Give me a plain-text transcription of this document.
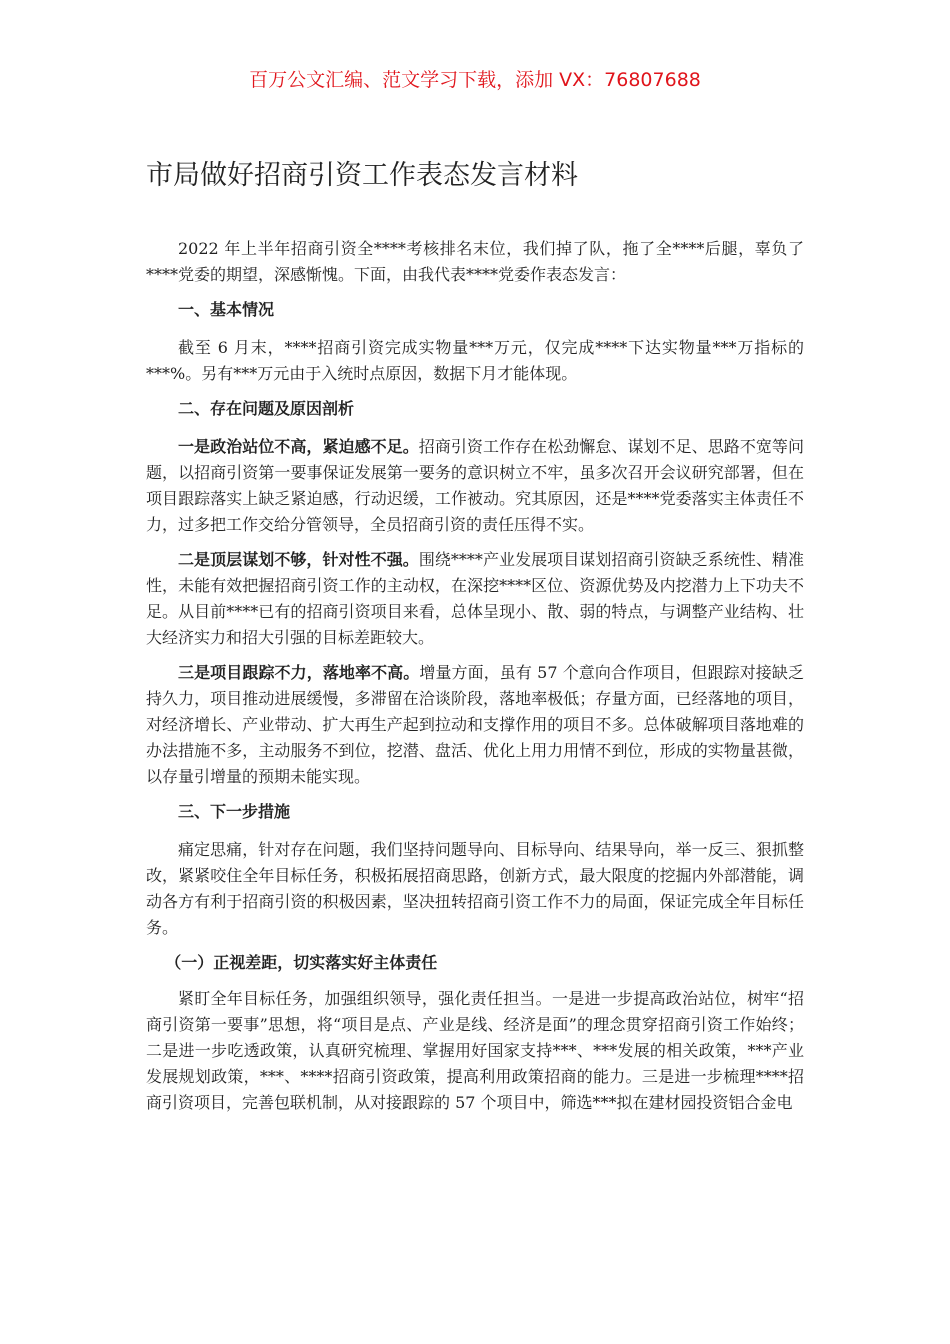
百万公文汇编、范文学习下载，添加 VX：76807688
市局做好招商引资工作表态发言材料

2022 年上半年招商引资全****考核排名末位，我们掉了队，拖了全****后腿，辜负了****党委的期望，深感惭愧。下面，由我代表****党委作表态发言：

一、基本情况

截至 6 月末，****招商引资完成实物量***万元，仅完成****下达实物量***万指标的***%。另有***万元由于入统时点原因，数据下月才能体现。

二、存在问题及原因剖析

一是政治站位不高，紧迫感不足。招商引资工作存在松劲懈怠、谋划不足、思路不宽等问题，以招商引资第一要事保证发展第一要务的意识树立不牢，虽多次召开会议研究部署，但在项目跟踪落实上缺乏紧迫感，行动迟缓，工作被动。究其原因，还是****党委落实主体责任不力，过多把工作交给分管领导，全员招商引资的责任压得不实。

二是顶层谋划不够，针对性不强。围绕****产业发展项目谋划招商引资缺乏系统性、精准性，未能有效把握招商引资工作的主动权，在深挖****区位、资源优势及内挖潜力上下功夫不足。从目前****已有的招商引资项目来看，总体呈现小、散、弱的特点，与调整产业结构、壮大经济实力和招大引强的目标差距较大。

三是项目跟踪不力，落地率不高。增量方面，虽有 57 个意向合作项目，但跟踪对接缺乏持久力，项目推动进展缓慢，多滞留在洽谈阶段，落地率极低；存量方面，已经落地的项目，对经济增长、产业带动、扩大再生产起到拉动和支撑作用的项目不多。总体破解项目落地难的办法措施不多，主动服务不到位，挖潜、盘活、优化上用力用情不到位，形成的实物量甚微，以存量引增量的预期未能实现。

三、下一步措施

痛定思痛，针对存在问题，我们坚持问题导向、目标导向、结果导向，举一反三、狠抓整改，紧紧咬住全年目标任务，积极拓展招商思路，创新方式，最大限度的挖掘内外部潜能，调动各方有利于招商引资的积极因素，坚决扭转招商引资工作不力的局面，保证完成全年目标任务。

（一）正视差距，切实落实好主体责任

紧盯全年目标任务，加强组织领导，强化责任担当。一是进一步提高政治站位，树牢“招商引资第一要事”思想，将“项目是点、产业是线、经济是面”的理念贯穿招商引资工作始终；二是进一步吃透政策，认真研究梳理、掌握用好国家支持***、***发展的相关政策，***产业发展规划政策，***、****招商引资政策，提高利用政策招商的能力。三是进一步梳理****招商引资项目，完善包联机制，从对接跟踪的 57 个项目中，筛选***拟在建材园投资铝合金电
